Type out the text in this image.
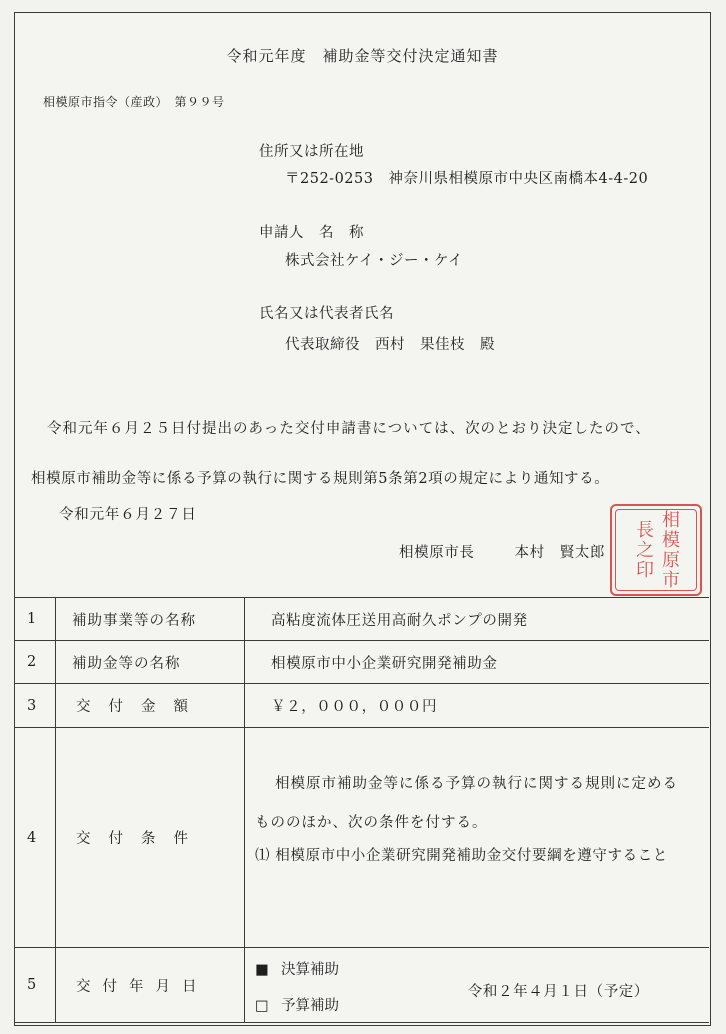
令和元年度　補助金等交付決定通知書
相模原市指令（産政）　第９９号
住所又は所在地
〒252-0253　神奈川県相模原市中央区南橋本4-4-20
申請人　名　称
株式会社ケイ・ジー・ケイ
氏名又は代表者氏名
代表取締役　西村　果佳枝　殿
令和元年６月２５日付提出のあった交付申請書については、次のとおり決定したので、
相模原市補助金等に係る予算の執行に関する規則第5条第2項の規定により通知する。
令和元年６月２７日
相模原市長	本村　賢太郎	相模原市長之印
1	補助事業等の名称	高粘度流体圧送用高耐久ポンプの開発
2	補助金等の名称	相模原市中小企業研究開発補助金
3	交付金額	￥２，０００，０００円
4	交付条件	相模原市補助金等に係る予算の執行に関する規則に定める

もののほか、次の条件を付する。

⑴ 相模原市中小企業研究開発補助金交付要綱を遵守すること

5	交付年月日	■ 決算補助
□ 予算補助
令和２年４月１日（予定）
